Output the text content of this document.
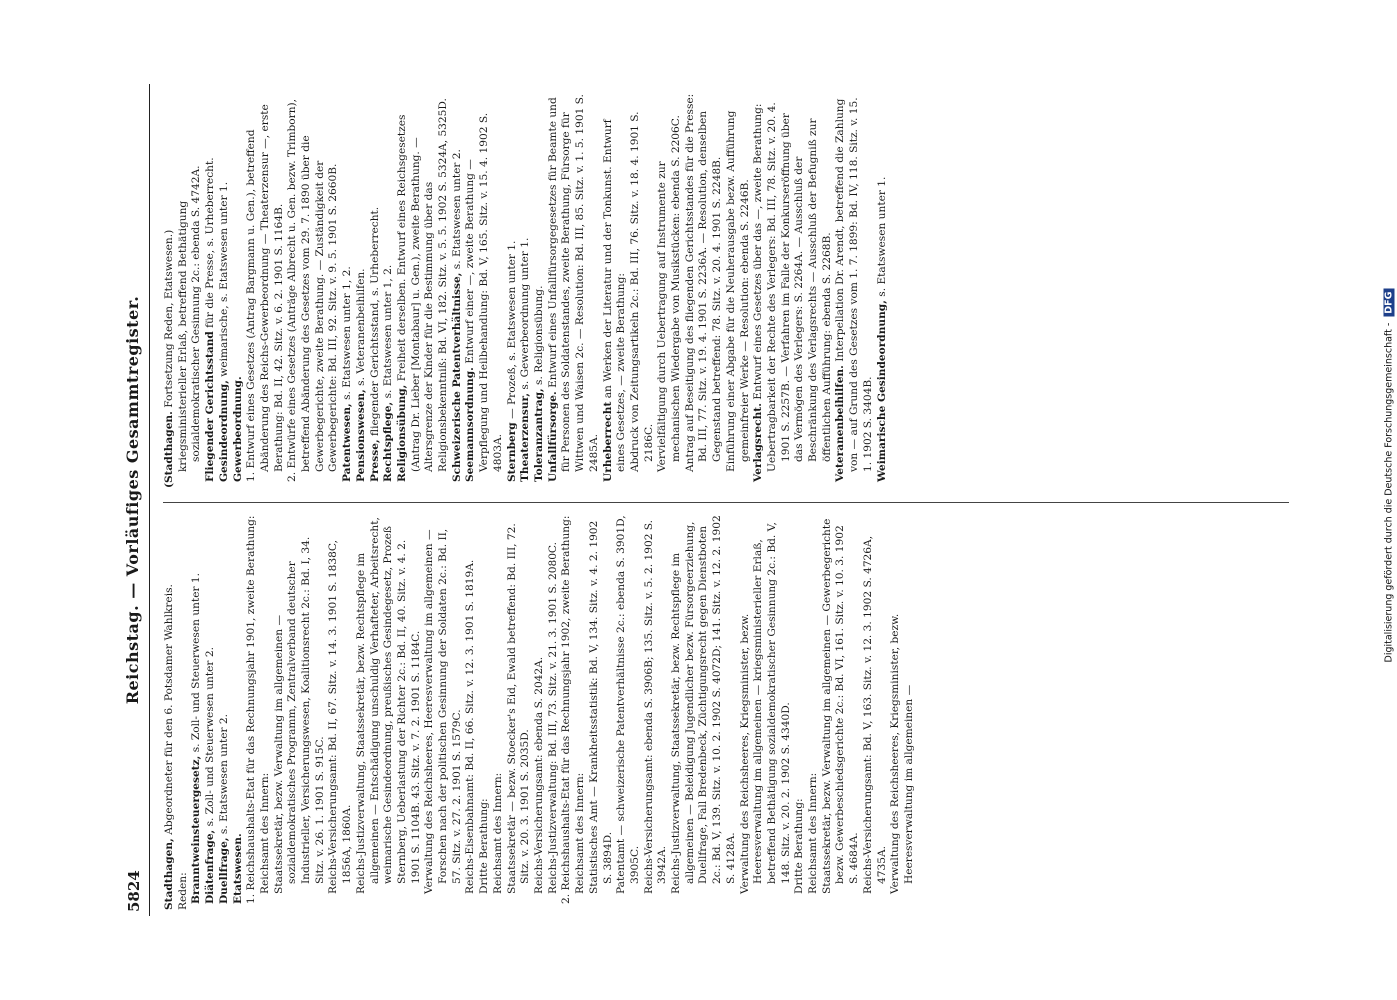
5824
Reichstag. — Vorläufiges Gesammtregister.

Stadthagen, Abgeordneter für den 6. Potsdamer Wahlkreis.

Reden: Branntweinsteuergesetz, s. Zoll- und Steuerwesen unter 1.

Diätenfrage, s. Zoll- und Steuerwesen unter 2.

Duellfrage, s. Etatswesen unter 2.

Etatswesen. 1. Reichshaushalts-Etat für das Rechnungsjahr 1901, zweite Berathung: Reichsamt des Innern: Staatssekretär, bezw. Verwaltung im allgemeinen — sozialdemokratisches Programm, Zentralverband deutscher Industrieller, Versicherungswesen, Koalitionsrecht 2c.: Bd. I, 34. Sitz. v. 26. 1. 1901 S. 915C. Reichs-Versicherungsamt: Bd. II, 67. Sitz. v. 14. 3. 1901 S. 1838C, 1856A, 1860A. Reichs-Justizverwaltung, Staatssekretär, bezw. Rechtspflege im allgemeinen — Entschädigung unschuldig Verhafteter, Arbeitsrecht, weimarische Gesindeordnung, preußisches Gesindegesetz, Prozeß Sternberg, Ueberlastung der Richter 2c.: Bd. II, 40. Sitz. v. 4. 2. 1901 S. 1104B. 43. Sitz. v. 7. 2. 1901 S. 1184C. Verwaltung des Reichsheeres, Heeresverwaltung im allgemeinen — Forschen nach der politischen Gesinnung der Soldaten 2c.: Bd. II, 57. Sitz. v. 27. 2. 1901 S. 1579C. Reichs-Eisenbahnamt: Bd. II, 66. Sitz. v. 12. 3. 1901 S. 1819A. Dritte Berathung: Reichsamt des Innern: Staatssekretär — bezw. Stoecker's Eid, Ewald betreffend: Bd. III, 72. Sitz. v. 20. 3. 1901 S. 2035D. Reichs-Versicherungsamt: ebenda S. 2042A. Reichs-Justizverwaltung: Bd. III, 73. Sitz. v. 21. 3. 1901 S. 2080C. 2. Reichshaushalts-Etat für das Rechnungsjahr 1902, zweite Berathung: Reichsamt des Innern: Statistisches Amt — Krankheitsstatistik: Bd. V, 134. Sitz. v. 4. 2. 1902 S. 3894D. Patentamt — schweizerische Patentverhältnisse 2c.: ebenda S. 3901D, 3905C. Reichs-Versicherungsamt: ebenda S. 3906B; 135. Sitz. v. 5. 2. 1902 S. 3942A. Reichs-Justizverwaltung, Staatssekretär, bezw. Rechtspflege im allgemeinen — Beleidigung Jugendlicher bezw. Fürsorgeerziehung, Duellfrage, Fall Bredenbeck, Züchtigungsrecht gegen Dienstboten 2c.: Bd. V, 139. Sitz. v. 10. 2. 1902 S. 4072D; 141. Sitz. v. 12. 2. 1902 S. 4128A. Verwaltung des Reichsheeres, Kriegsminister, bezw. Heeresverwaltung im allgemeinen — kriegsministerieller Erlaß, betreffend Bethätigung sozialdemokratischer Gesinnung 2c.: Bd. V, 148. Sitz. v. 20. 2. 1902 S. 4340D. Dritte Berathung: Reichsamt des Innern: Staatssekretär, bezw. Verwaltung im allgemeinen — Gewerbegerichte bezw. Gewerbeschiedsgerichte 2c.: Bd. VI, 161. Sitz. v. 10. 3. 1902 S. 4684A. Reichs-Versicherungsamt: Bd. V, 163. Sitz. v. 12. 3. 1902 S. 4726A, 4735A. Verwaltung des Reichsheeres, Kriegsminister, bezw. Heeresverwaltung im allgemeinen —

(Stadthagen. Fortsetzung Reden, Etatswesen.) kriegsministerieller Erlaß, betreffend Bethätigung sozialdemokratischer Gesinnung 2c.: ebenda S. 4742A. Fliegender Gerichtsstand für die Presse, s. Urheberrecht.

Gesindeordnung, weimarische, s. Etatswesen unter 1.

Gewerbeordnung. 1. Entwurf eines Gesetzes (Antrag Bargmann u. Gen.), betreffend Abänderung des Reichs-Gewerbeordnung — Theaterzensur —, erste Berathung: Bd. II, 42. Sitz. v. 6. 2. 1901 S. 1164B. 2. Entwürfe eines Gesetzes (Anträge Albrecht u. Gen. bezw. Trimborn), betreffend Abänderung des Gesetzes vom 29. 7. 1890 über die Gewerbegerichte, zweite Berathung. — Zuständigkeit der Gewerbegerichte: Bd. III, 92. Sitz. v. 9. 5. 1901 S. 2660B. Patentwesen, s. Etatswesen unter 1, 2.

Pensionswesen, s. Veteranenbeihilfen.

Presse, fliegender Gerichtsstand, s. Urheberrecht.

Rechtspflege, s. Etatswesen unter 1, 2.

Religionsübung, Freiheit derselben. Entwurf eines Reichsgesetzes (Antrag Dr. Lieber [Montabaur] u. Gen.), zweite Berathung. — Altersgrenze der Kinder für die Bestimmung über das Religionsbekenntniß: Bd. VI, 182. Sitz. v. 5. 5. 1902 S. 5324A, 5325D. Schweizerische Patentverhältnisse, s. Etatswesen unter 2.

Seemannsordnung. Entwurf einer —, zweite Berathung — Verpflegung und Heilbehandlung: Bd. V, 165. Sitz. v. 15. 4. 1902 S. 4803A. Sternberg — Prozeß, s. Etatswesen unter 1.

Theaterzensur, s. Gewerbeordnung unter 1.

Toleranzantrag, s. Religionsübung.

Unfallfürsorge. Entwurf eines Unfallfürsorgegesetzes für Beamte und für Personen des Soldatenstandes, zweite Berathung, Fürsorge für Wittwen und Waisen 2c. — Resolution: Bd. III, 85. Sitz. v. 1. 5. 1901 S. 2485A. Urheberrecht an Werken der Literatur und der Tonkunst. Entwurf eines Gesetzes, — zweite Berathung: Abdruck von Zeitungsartikeln 2c.: Bd. III, 76. Sitz. v. 18. 4. 1901 S. 2186C. Vervielfältigung durch Uebertragung auf Instrumente zur mechanischen Wiedergabe von Musikstücken: ebenda S. 2206C. Antrag auf Beseitigung des fliegenden Gerichtsstandes für die Presse: Bd. III, 77. Sitz. v. 19. 4. 1901 S. 2236A. — Resolution, denselben Gegenstand betreffend: 78. Sitz. v. 20. 4. 1901 S. 2248B. Einführung einer Abgabe für die Neuherausgabe bezw. Aufführung gemeinfreier Werke — Resolution: ebenda S. 2246B. Verlagsrecht. Entwurf eines Gesetzes über das —, zweite Berathung: Uebertragbarkeit der Rechte des Verlegers: Bd. III, 78. Sitz. v. 20. 4. 1901 S. 2257B. — Verfahren im Falle der Konkurseröffnung über das Vermögen des Verlegers: S. 2264A. — Ausschluß der Beschränkung des Verlagsrechts — Ausschluß der Befugniß zur öffentlichen Aufführung: ebenda S. 2268B. Veteranenbeihilfen. Interpellation Dr. Arendt, betreffend die Zahlung von — auf Grund des Gesetzes vom 1. 7. 1899: Bd. IV, 118. Sitz. v. 15. 1. 1902 S. 3404B. Weimarische Gesindeordnung, s. Etatswesen unter 1.

Digitalisierung gefördert durch die Deutsche Forschungsgemeinschaft - DFG
